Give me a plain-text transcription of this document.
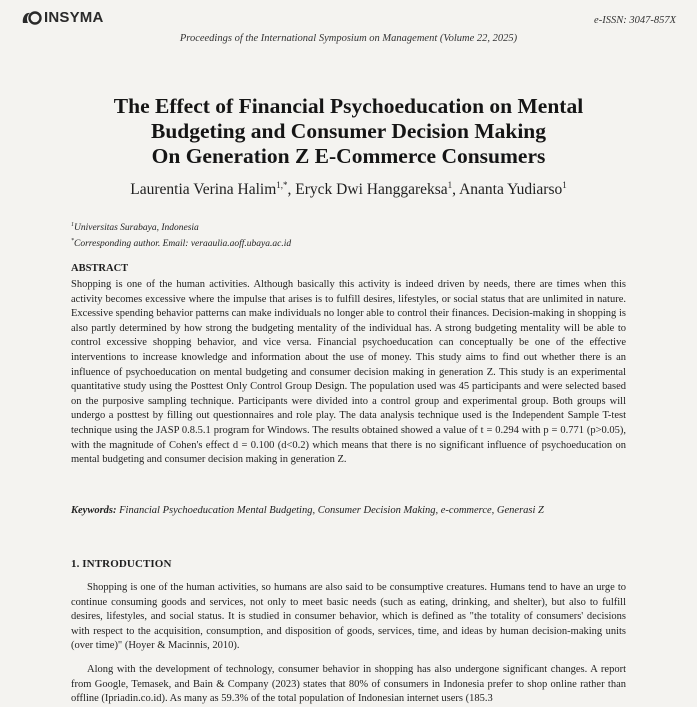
INSYMA	e-ISSN: 3047-857X
Proceedings of the International Symposium on Management (Volume 22, 2025)
The Effect of Financial Psychoeducation on Mental
Budgeting and Consumer Decision Making
On Generation Z E-Commerce Consumers
Laurentia Verina Halim$^{1,*}$, Eryck Dwi Hanggareksa$^1$, Ananta Yudiarso$^1$
$^1$Universitas Surabaya, Indonesia
*Corresponding author. Email: veraaulia.aoff.ubaya.ac.id
ABSTRACT
Shopping is one of the human activities. Although basically this activity is indeed driven by needs, there are times when this activity becomes excessive where the impulse that arises is to fulfill desires, lifestyles, or social status that are unlimited in nature. Excessive spending behavior patterns can make individuals no longer able to control their finances. Decision-making in shopping is also partly determined by how strong the budgeting mentality of the individual has. A strong budgeting mentality will be able to control excessive shopping behavior, and vice versa. Financial psychoeducation can conceptually be one of the effective interventions to increase knowledge and information about the use of money. This study aims to find out whether there is an influence of psychoeducation on mental budgeting and consumer decision making in generation Z. This study is an experimental quantitative study using the Posttest Only Control Group Design. The population used was 45 participants and were selected based on the purposive sampling technique. Participants were divided into a control group and experimental group. Both groups will undergo a posttest by filling out questionnaires and role play. The data analysis technique used is the Independent Sample T-test technique using the JASP 0.8.5.1 program for Windows. The results obtained showed a value of t = 0.294 with p = 0.771 (p>0.05), with the magnitude of Cohen's effect d = 0.100 (d<0.2) which means that there is no significant influence of psychoeducation on mental budgeting and consumer decision making in generation Z.
Keywords: Financial Psychoeducation Mental Budgeting, Consumer Decision Making, e-commerce, Generasi Z
1. INTRODUCTION
Shopping is one of the human activities, so humans are also said to be consumptive creatures. Humans tend to have an urge to continue consuming goods and services, not only to meet basic needs (such as eating, drinking, and shelter), but also to fulfill desires, lifestyles, and social status. It is studied in consumer behavior, which is defined as "the totality of consumers' decisions with respect to the acquisition, consumption, and disposition of goods, services, time, and ideas by human decision-making units (over time)" (Hoyer & Macinnis, 2010).
Along with the development of technology, consumer behavior in shopping has also undergone significant changes. A report from Google, Temasek, and Bain & Company (2023) states that 80% of consumers in Indonesia prefer to shop online rather than offline (Ipriadin.co.id). As many as 59.3% of the total population of Indonesian internet users (185.3
